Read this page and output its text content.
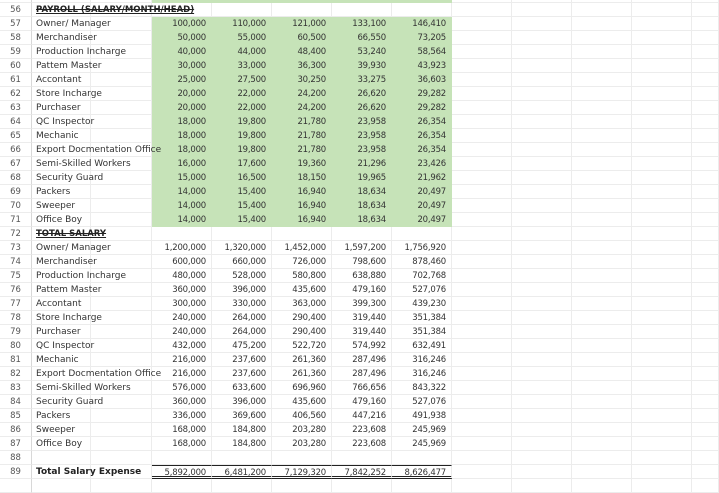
56	PAYROLL (SALARY/MONTH/HEAD)
57	Owner/ Manager	100,000	110,000	121,000	133,100	146,410
58	Merchandiser	50,000	55,000	60,500	66,550	73,205
59	Production Incharge	40,000	44,000	48,400	53,240	58,564
60	Pattem Master	30,000	33,000	36,300	39,930	43,923
61	Accontant	25,000	27,500	30,250	33,275	36,603
62	Store Incharge	20,000	22,000	24,200	26,620	29,282
63	Purchaser	20,000	22,000	24,200	26,620	29,282
64	QC Inspector	18,000	19,800	21,780	23,958	26,354
65	Mechanic	18,000	19,800	21,780	23,958	26,354
66	Export Docmentation Office	18,000	19,800	21,780	23,958	26,354
67	Semi-Skilled Workers	16,000	17,600	19,360	21,296	23,426
68	Security Guard	15,000	16,500	18,150	19,965	21,962
69	Packers	14,000	15,400	16,940	18,634	20,497
70	Sweeper	14,000	15,400	16,940	18,634	20,497
71	Office Boy	14,000	15,400	16,940	18,634	20,497
72	TOTAL SALARY
73	Owner/ Manager	1,200,000	1,320,000	1,452,000	1,597,200	1,756,920
74	Merchandiser	600,000	660,000	726,000	798,600	878,460
75	Production Incharge	480,000	528,000	580,800	638,880	702,768
76	Pattem Master	360,000	396,000	435,600	479,160	527,076
77	Accontant	300,000	330,000	363,000	399,300	439,230
78	Store Incharge	240,000	264,000	290,400	319,440	351,384
79	Purchaser	240,000	264,000	290,400	319,440	351,384
80	QC Inspector	432,000	475,200	522,720	574,992	632,491
81	Mechanic	216,000	237,600	261,360	287,496	316,246
82	Export Docmentation Office	216,000	237,600	261,360	287,496	316,246
83	Semi-Skilled Workers	576,000	633,600	696,960	766,656	843,322
84	Security Guard	360,000	396,000	435,600	479,160	527,076
85	Packers	336,000	369,600	406,560	447,216	491,938
86	Sweeper	168,000	184,800	203,280	223,608	245,969
87	Office Boy	168,000	184,800	203,280	223,608	245,969
88
89	Total Salary Expense	5,892,000	6,481,200	7,129,320	7,842,252	8,626,477
